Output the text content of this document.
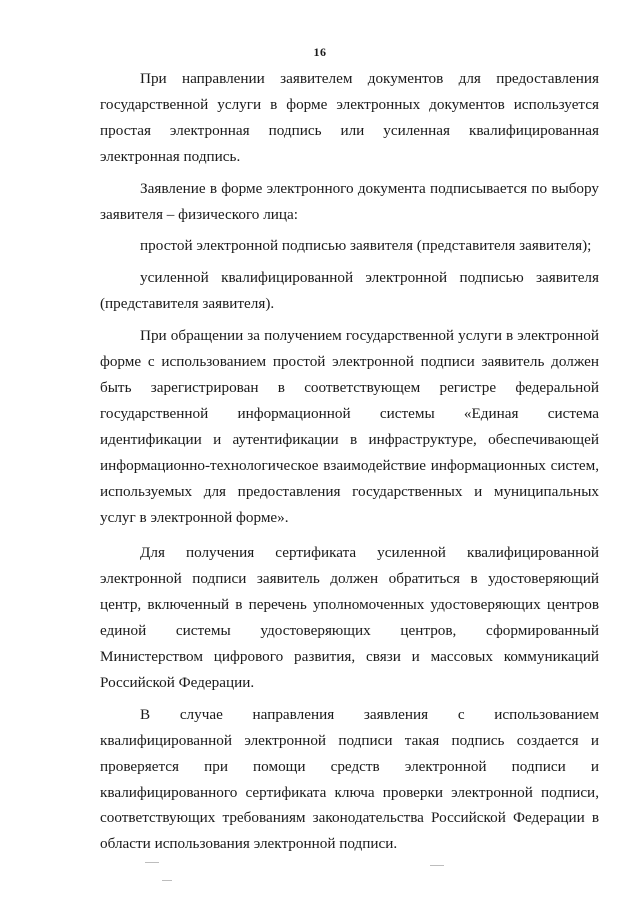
16

При направлении заявителем документов для предоставления государственной услуги в форме электронных документов используется простая электронная подпись или усиленная квалифицированная электронная подпись.

Заявление в форме электронного документа подписывается по выбору заявителя – физического лица:

простой электронной подписью заявителя (представителя заявителя);

усиленной квалифицированной электронной подписью заявителя (представителя заявителя).

При обращении за получением государственной услуги в электронной форме с использованием простой электронной подписи заявитель должен быть зарегистрирован в соответствующем регистре федеральной государственной информационной системы «Единая система идентификации и аутентификации в инфраструктуре, обеспечивающей информационно-технологическое взаимодействие информационных систем, используемых для предоставления государственных и муниципальных услуг в электронной форме».

Для получения сертификата усиленной квалифицированной электронной подписи заявитель должен обратиться в удостоверяющий центр, включенный в перечень уполномоченных удостоверяющих центров единой системы удостоверяющих центров, сформированный Министерством цифрового развития, связи и массовых коммуникаций Российской Федерации.

В случае направления заявления с использованием квалифицированной электронной подписи такая подпись создается и проверяется при помощи средств электронной подписи и квалифицированного сертификата ключа проверки электронной подписи, соответствующих требованиям законодательства Российской Федерации в области использования электронной подписи.
